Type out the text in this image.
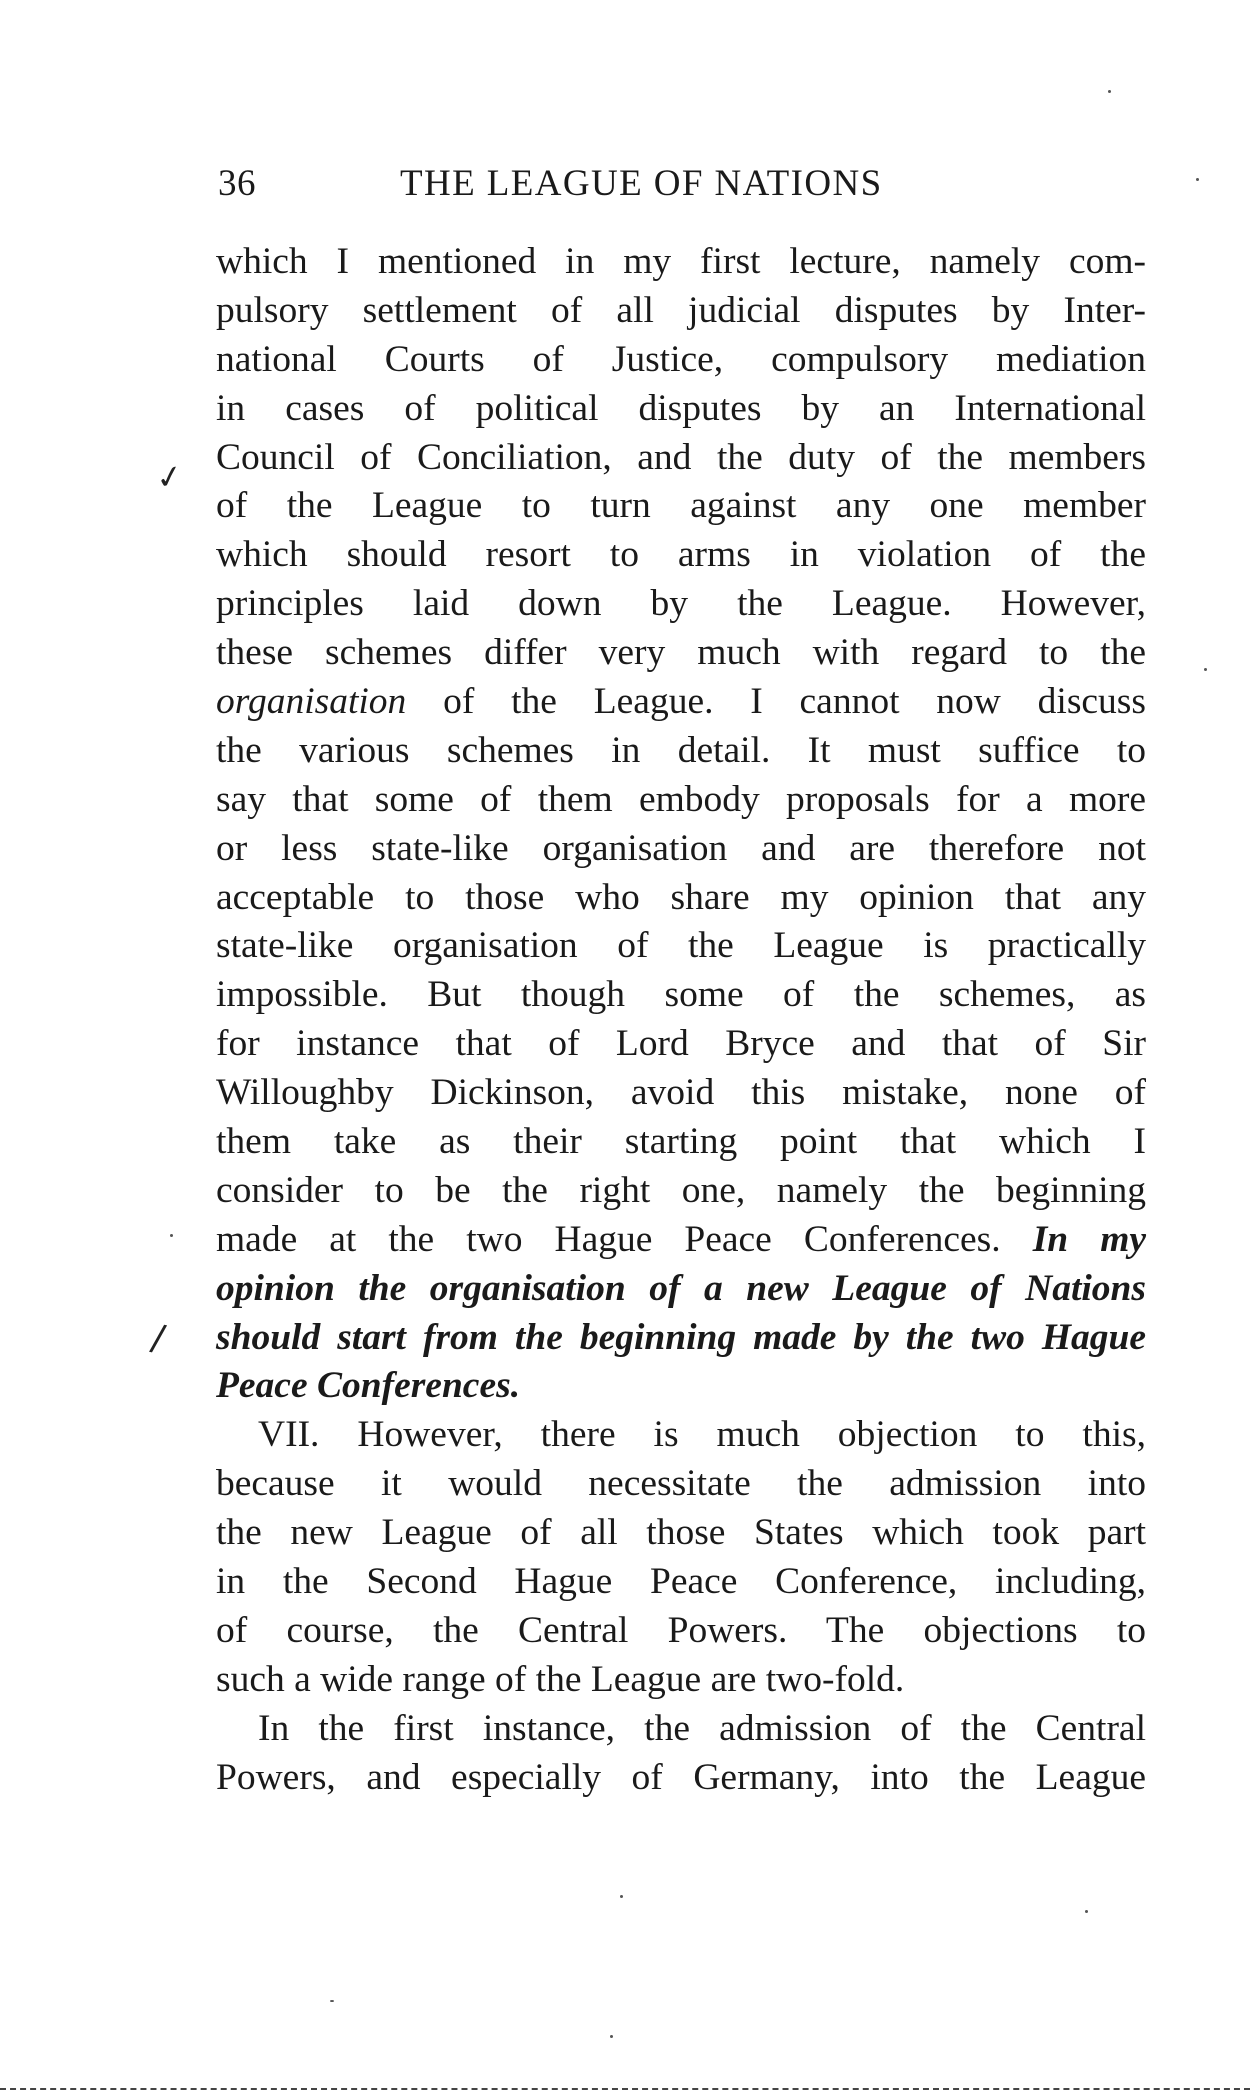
36	THE LEAGUE OF NATIONS
✓
/
which I mentioned in my first lecture, namely com-
pulsory settlement of all judicial disputes by Inter-
national Courts of Justice, compulsory mediation
in cases of political disputes by an International
Council of Conciliation, and the duty of the members
of the League to turn against any one member
which should resort to arms in violation of the
principles laid down by the League. However,
these schemes differ very much with regard to the
organisation of the League. I cannot now discuss
the various schemes in detail. It must suffice to
say that some of them embody proposals for a more
or less state-like organisation and are therefore not
acceptable to those who share my opinion that any
state-like organisation of the League is practically
impossible. But though some of the schemes, as
for instance that of Lord Bryce and that of Sir
Willoughby Dickinson, avoid this mistake, none of
them take as their starting point that which I
consider to be the right one, namely the beginning
made at the two Hague Peace Conferences. In my
opinion the organisation of a new League of Nations
should start from the beginning made by the two Hague
Peace Conferences.
VII. However, there is much objection to this,
because it would necessitate the admission into
the new League of all those States which took part
in the Second Hague Peace Conference, including,
of course, the Central Powers. The objections to
such a wide range of the League are two-fold.
In the first instance, the admission of the Central
Powers, and especially of Germany, into the League
